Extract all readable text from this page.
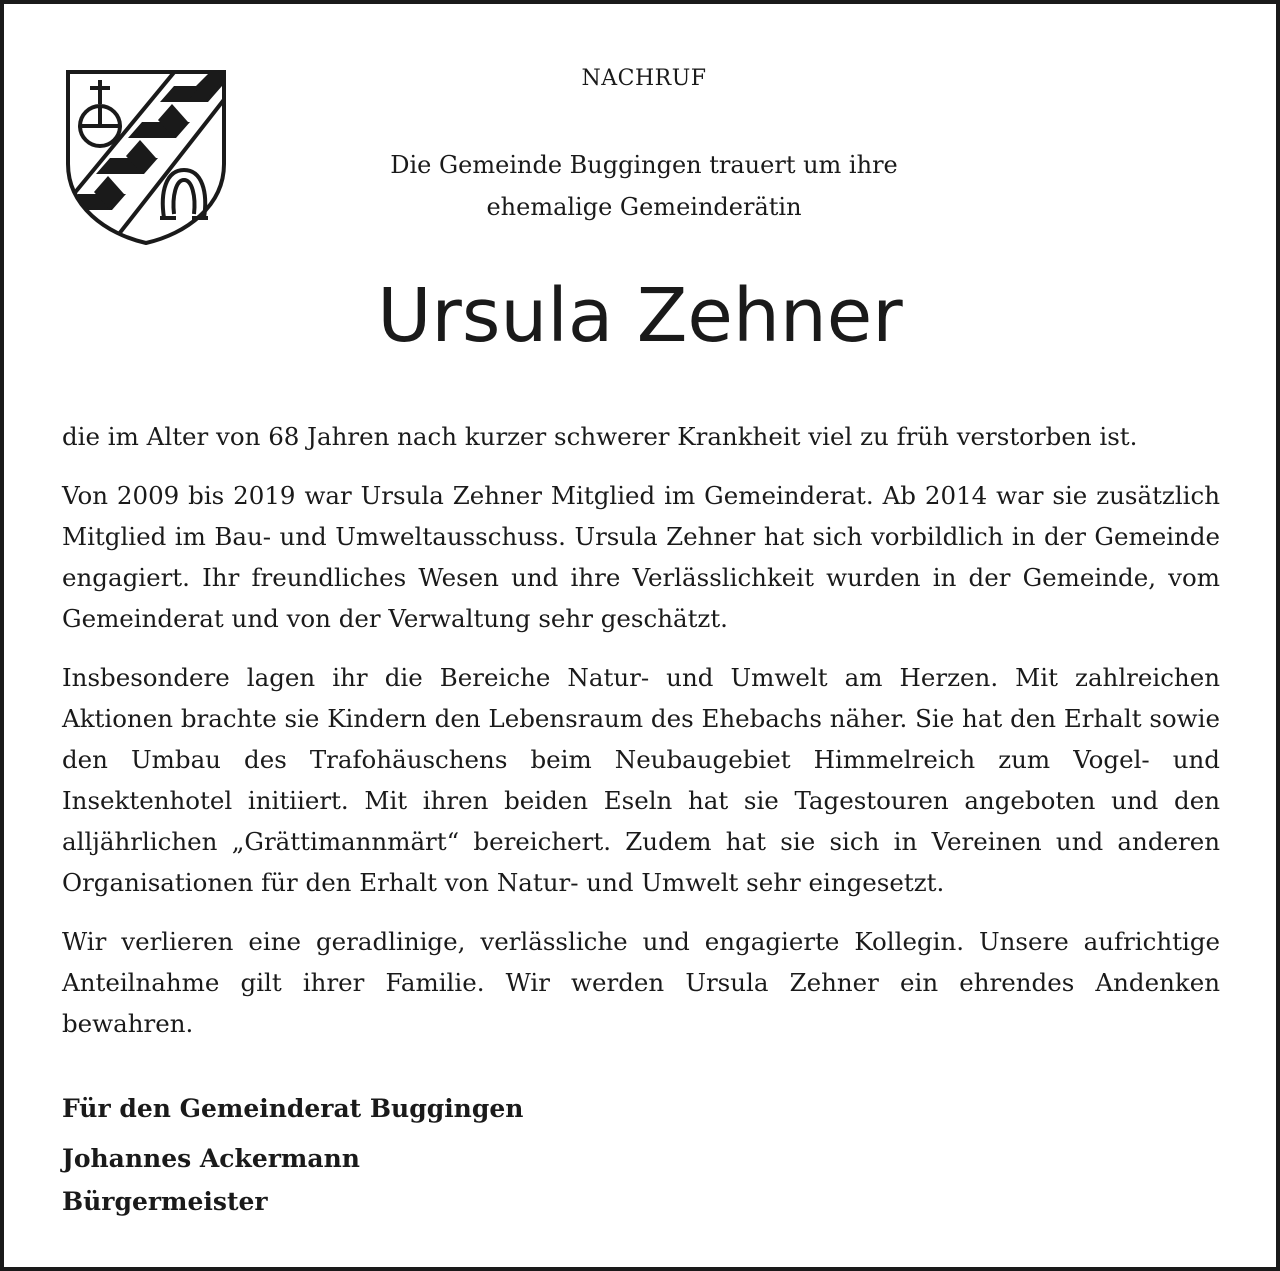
NACHRUF
Die Gemeinde Buggingen trauert um ihre
ehemalige Gemeinderätin
Ursula Zehner

die im Alter von 68 Jahren nach kurzer schwerer Krankheit viel zu früh verstorben ist.

Von 2009 bis 2019 war Ursula Zehner Mitglied im Gemeinderat. Ab 2014 war sie zusätzlich Mitglied im Bau- und Umweltausschuss. Ursula Zehner hat sich vorbildlich in der Gemeinde engagiert. Ihr freundliches Wesen und ihre Verlässlichkeit wurden in der Gemeinde, vom Gemeinderat und von der Verwaltung sehr geschätzt.

Insbesondere lagen ihr die Bereiche Natur- und Umwelt am Herzen. Mit zahlreichen Aktionen brachte sie Kindern den Lebensraum des Ehebachs näher. Sie hat den Erhalt sowie den Umbau des Trafohäuschens beim Neubaugebiet Himmelreich zum Vogel- und Insektenhotel initiiert. Mit ihren beiden Eseln hat sie Tagestouren angeboten und den alljährlichen „Grättimannmärt“ bereichert. Zudem hat sie sich in Vereinen und anderen Organisationen für den Erhalt von Natur- und Umwelt sehr eingesetzt.

Wir verlieren eine geradlinige, verlässliche und engagierte Kollegin. Unsere aufrichtige Anteilnahme gilt ihrer Familie. Wir werden Ursula Zehner ein ehrendes Andenken bewahren.

Für den Gemeinderat Buggingen
Johannes Ackermann
Bürgermeister
